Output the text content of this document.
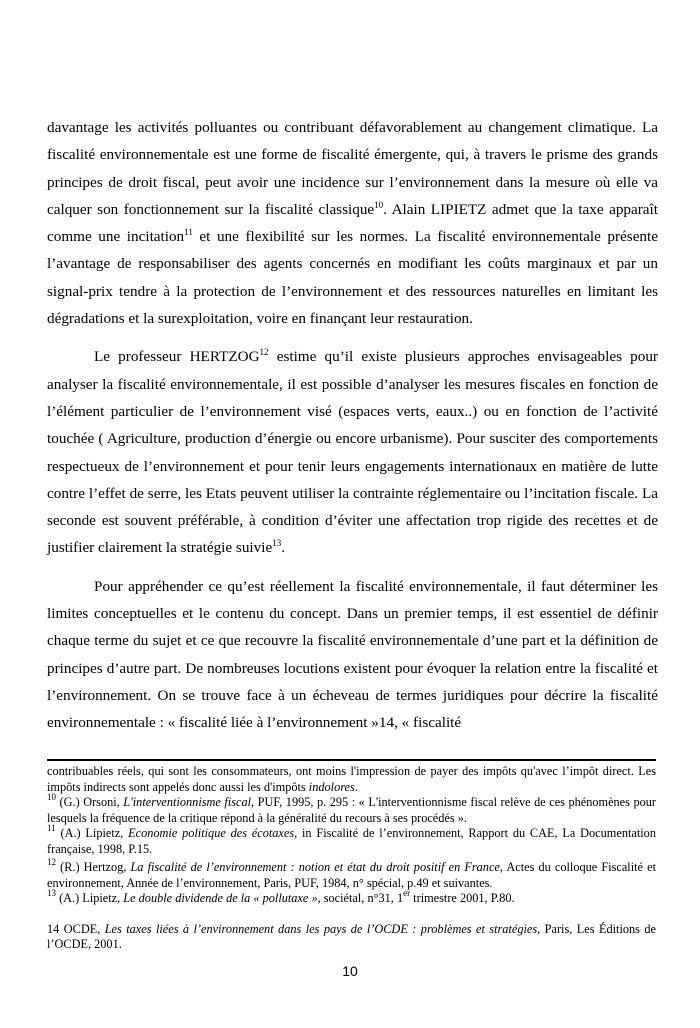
davantage les activités polluantes ou contribuant défavorablement au changement climatique. La fiscalité environnementale est une forme de fiscalité émergente, qui, à travers le prisme des grands principes de droit fiscal, peut avoir une incidence sur l’environnement dans la mesure où elle va calquer son fonctionnement sur la fiscalité classique$^{10}$. Alain LIPIETZ admet que la taxe apparaît comme une incitation$^{11}$ et une flexibilité sur les normes. La fiscalité environnementale présente l’avantage de responsabiliser des agents concernés en modifiant les coûts marginaux et par un signal-prix tendre à la protection de l’environnement et des ressources naturelles en limitant les dégradations et la surexploitation, voire en finançant leur restauration.

Le professeur HERTZOG$^{12}$ estime qu’il existe plusieurs approches envisageables pour analyser la fiscalité environnementale, il est possible d’analyser les mesures fiscales en fonction de l’élément particulier de l’environnement visé (espaces verts, eaux..) ou en fonction de l’activité touchée ( Agriculture, production d’énergie ou encore urbanisme). Pour susciter des comportements respectueux de l’environnement et pour tenir leurs engagements internationaux en matière de lutte contre l’effet de serre, les Etats peuvent utiliser la contrainte réglementaire ou l’incitation fiscale. La seconde est souvent préférable, à condition d’éviter une affectation trop rigide des recettes et de justifier clairement la stratégie suivie$^{13}$.

Pour appréhender ce qu’est réellement la fiscalité environnementale, il faut déterminer les limites conceptuelles et le contenu du concept. Dans un premier temps, il est essentiel de définir chaque terme du sujet et ce que recouvre la fiscalité environnementale d’une part et la définition de principes d’autre part. De nombreuses locutions existent pour évoquer la relation entre la fiscalité et l’environnement. On se trouve face à un écheveau de termes juridiques pour décrire la fiscalité environnementale : « fiscalité liée à l’environnement »14, « fiscalité

contribuables réels, qui sont les consommateurs, ont moins l'impression de payer des impôts qu'avec l’impôt direct. Les impôts indirects sont appelés donc aussi les d'impôts indolores.

$^{10}$ (G.) Orsoni, L'interventionnisme fiscal, PUF, 1995, p. 295 : « L'interventionnisme fiscal relève de ces phénomènes pour lesquels la fréquence de la critique répond à la généralité du recours à ses procédés ».

$^{11}$ (A.) Lipietz, Economie politique des écotaxes, in Fiscalité de l’environnement, Rapport du CAE, La Documentation française, 1998, P.15.

$^{12}$ (R.) Hertzog, La fiscalité de l’environnement : notion et état du droit positif en France, Actes du colloque Fiscalité et environnement, Année de l’environnement, Paris, PUF, 1984, n° spécial, p.49 et suivantes.

$^{13}$ (A.) Lipietz, Le double dividende de la « pollutaxe », sociétal, n°31, 1er trimestre 2001, P.80.

14 OCDE, Les taxes liées à l’environnement dans les pays de l’OCDE : problèmes et stratégies, Paris, Les Éditions de l’OCDE, 2001.

10
